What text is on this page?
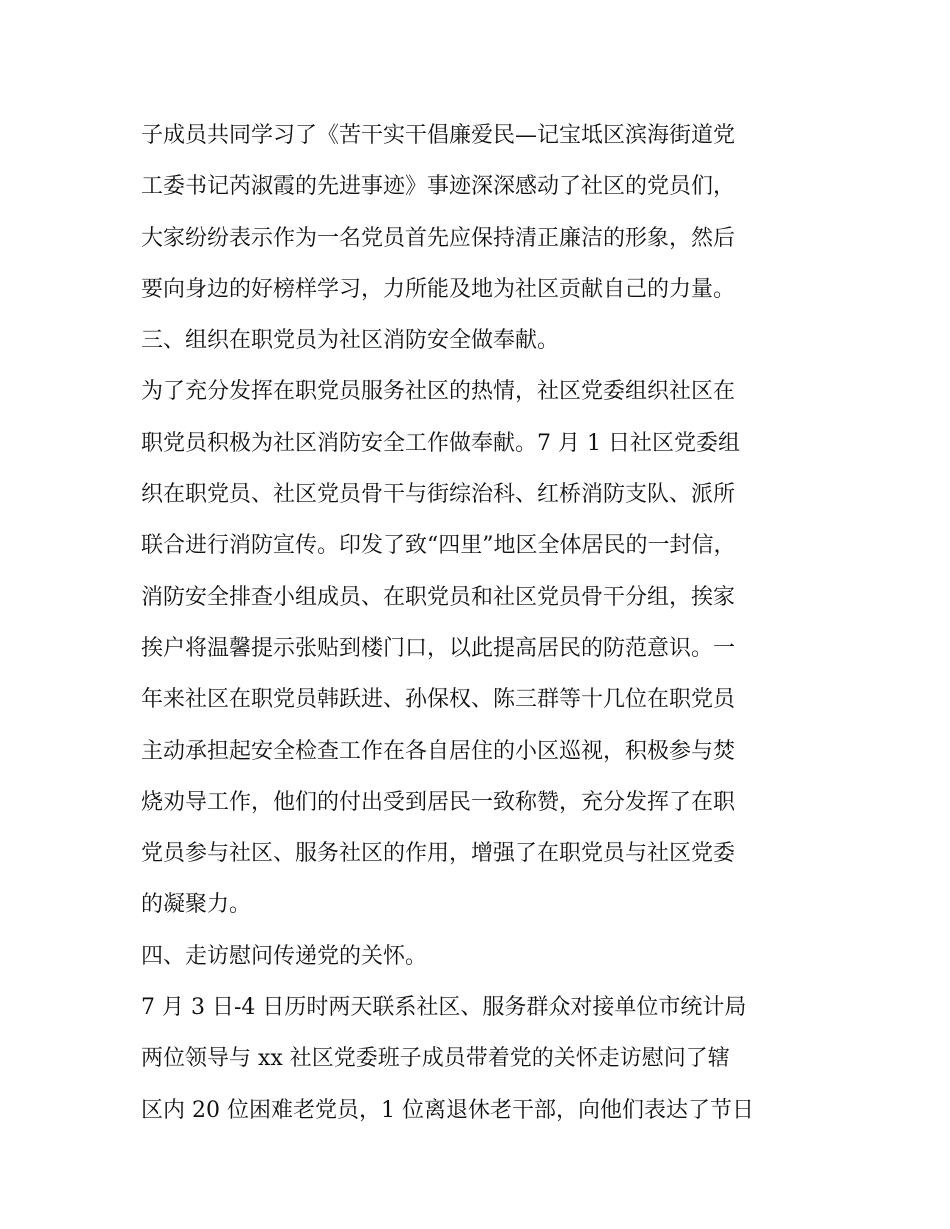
子成员共同学习了《苦干实干倡廉爱民—记宝坻区滨海街道党
工委书记芮淑霞的先进事迹》事迹深深感动了社区的党员们，
大家纷纷表示作为一名党员首先应保持清正廉洁的形象，然后
要向身边的好榜样学习，力所能及地为社区贡献自己的力量。
三、组织在职党员为社区消防安全做奉献。
为了充分发挥在职党员服务社区的热情，社区党委组织社区在
职党员积极为社区消防安全工作做奉献。7 月 1 日社区党委组
织在职党员、社区党员骨干与街综治科、红桥消防支队、派所
联合进行消防宣传。印发了致“四里”地区全体居民的一封信，
消防安全排查小组成员、在职党员和社区党员骨干分组，挨家
挨户将温馨提示张贴到楼门口，以此提高居民的防范意识。一
年来社区在职党员韩跃进、孙保权、陈三群等十几位在职党员
主动承担起安全检查工作在各自居住的小区巡视，积极参与焚
烧劝导工作，他们的付出受到居民一致称赞，充分发挥了在职
党员参与社区、服务社区的作用，增强了在职党员与社区党委
的凝聚力。
四、走访慰问传递党的关怀。
7 月 3 日-4 日历时两天联系社区、服务群众对接单位市统计局
两位领导与 xx 社区党委班子成员带着党的关怀走访慰问了辖
区内 20 位困难老党员，1 位离退休老干部，向他们表达了节日
